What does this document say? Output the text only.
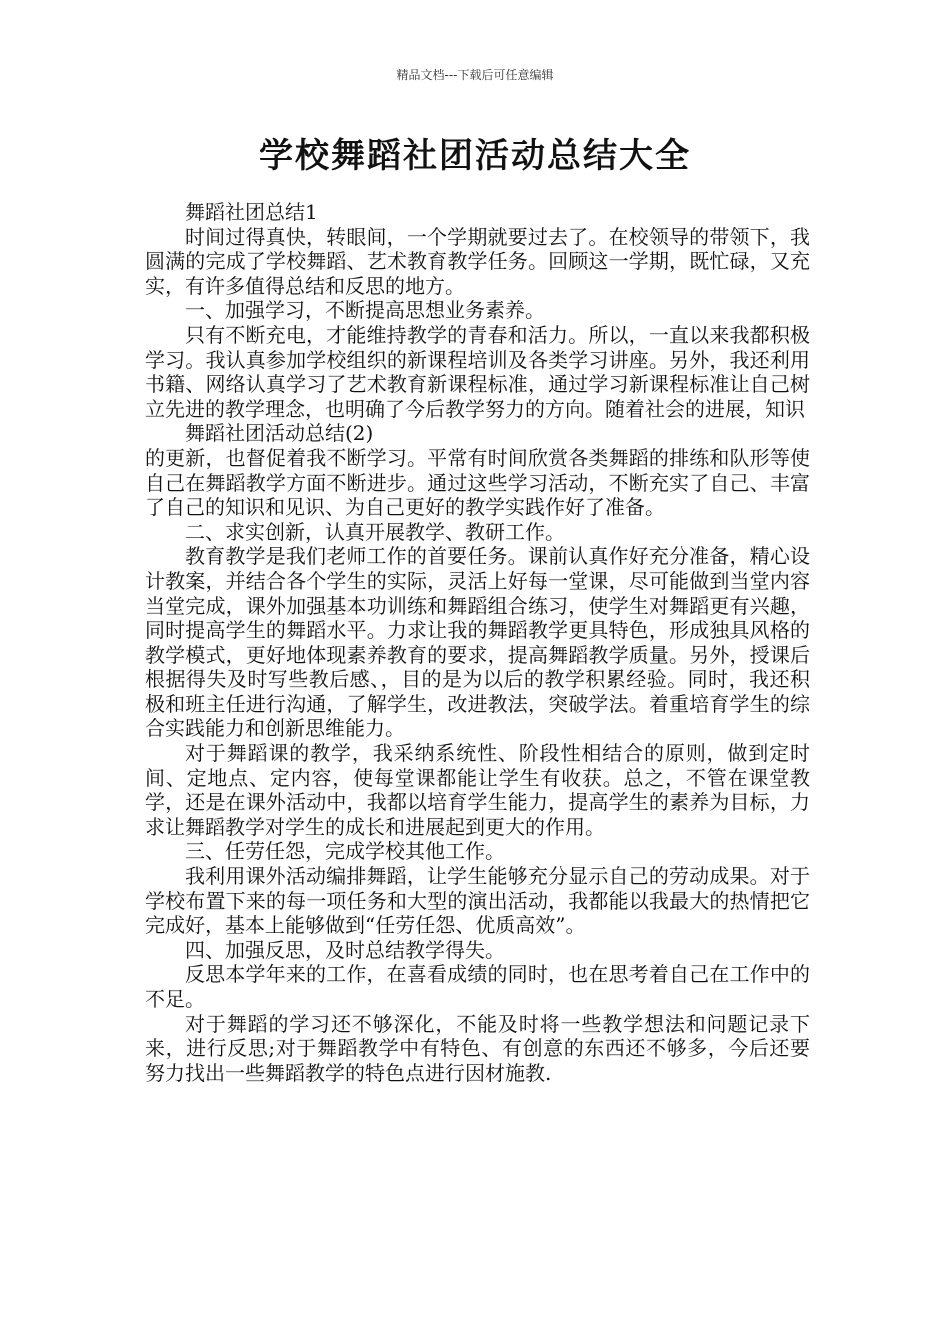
精品文档---下载后可任意编辑
学校舞蹈社团活动总结大全

舞蹈社团总结1

时间过得真快，转眼间，一个学期就要过去了。在校领导的带领下，我圆满的完成了学校舞蹈、艺术教育教学任务。回顾这一学期，既忙碌，又充实，有许多值得总结和反思的地方。

一、加强学习，不断提高思想业务素养。

只有不断充电，才能维持教学的青春和活力。所以，一直以来我都积极学习。我认真参加学校组织的新课程培训及各类学习讲座。另外，我还利用书籍、网络认真学习了艺术教育新课程标准，通过学习新课程标准让自己树立先进的教学理念，也明确了今后教学努力的方向。随着社会的进展，知识

舞蹈社团活动总结(2)

的更新，也督促着我不断学习。平常有时间欣赏各类舞蹈的排练和队形等使自己在舞蹈教学方面不断进步。通过这些学习活动，不断充实了自己、丰富了自己的知识和见识、为自己更好的教学实践作好了准备。

二、求实创新，认真开展教学、教研工作。

教育教学是我们老师工作的首要任务。课前认真作好充分准备，精心设计教案，并结合各个学生的实际，灵活上好每一堂课，尽可能做到当堂内容当堂完成，课外加强基本功训练和舞蹈组合练习，使学生对舞蹈更有兴趣，同时提高学生的舞蹈水平。力求让我的舞蹈教学更具特色，形成独具风格的教学模式，更好地体现素养教育的要求，提高舞蹈教学质量。另外，授课后根据得失及时写些教后感、，目的是为以后的教学积累经验。同时，我还积极和班主任进行沟通，了解学生，改进教法，突破学法。着重培育学生的综合实践能力和创新思维能力。

对于舞蹈课的教学，我采纳系统性、阶段性相结合的原则，做到定时间、定地点、定内容，使每堂课都能让学生有收获。总之，不管在课堂教学，还是在课外活动中，我都以培育学生能力，提高学生的素养为目标，力求让舞蹈教学对学生的成长和进展起到更大的作用。

三、任劳任怨，完成学校其他工作。

我利用课外活动编排舞蹈，让学生能够充分显示自己的劳动成果。对于学校布置下来的每一项任务和大型的演出活动，我都能以我最大的热情把它完成好，基本上能够做到“任劳任怨、优质高效”。

四、加强反思，及时总结教学得失。

反思本学年来的工作，在喜看成绩的同时，也在思考着自己在工作中的不足。

对于舞蹈的学习还不够深化，不能及时将一些教学想法和问题记录下来，进行反思;对于舞蹈教学中有特色、有创意的东西还不够多，今后还要努力找出一些舞蹈教学的特色点进行因材施教.
